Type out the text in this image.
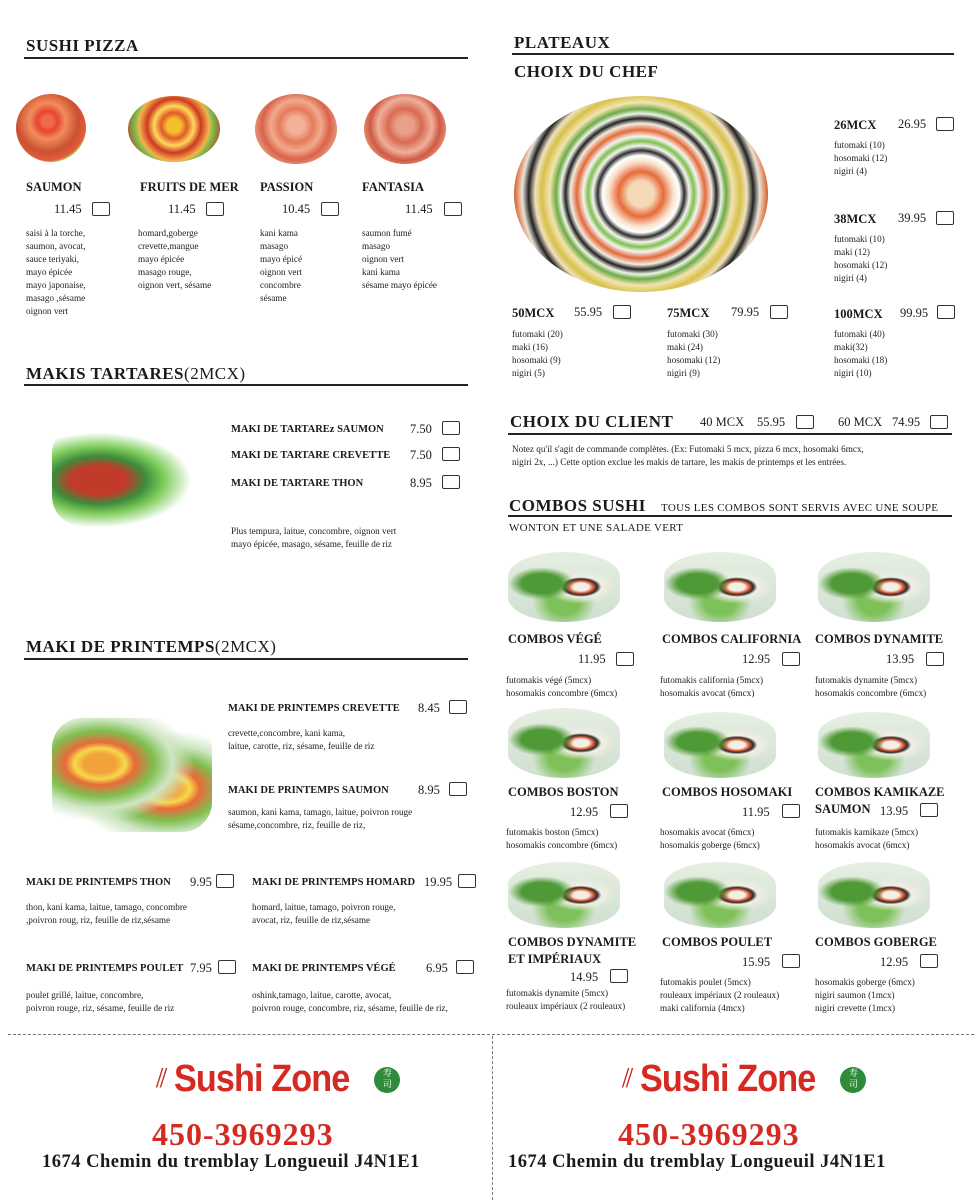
SUSHI PIZZA
SAUMON
11.45
saisi à la torche,
saumon, avocat,
sauce teriyaki,
mayo épicée
mayo japonaise,
masago ,sésame
oignon vert
FRUITS DE MER
11.45
homard,goberge
crevette,mangue
mayo épicée
masago rouge,
oignon vert, sésame
PASSION
10.45
kani kama
masago
mayo épicé
oignon vert
concombre
sésame
FANTASIA
11.45
saumon fumé
masago
oignon vert
kani kama
sésame mayo épicée
MAKIS TARTARES(2MCX)
MAKI DE TARTAREz SAUMON 7.50
MAKI DE TARTARE CREVETTE 7.50
MAKI DE TARTARE THON	8.95
Plus tempura, laitue, concombre, oignon vert
mayo épicée, masago, sésame, feuille de riz
MAKI DE PRINTEMPS(2MCX)
MAKI DE PRINTEMPS CREVETTE 8.45
crevette,concombre, kani kama,
laitue, carotte, riz, sésame, feuille de riz
MAKI DE PRINTEMPS SAUMON 8.95
saumon, kani kama, tamago, laitue, poivron rouge
sésame,concombre, riz, feuille de riz,
MAKI DE PRINTEMPS THON 9.95
thon, kani kama, laitue, tamago, concombre
,poivron roug, riz, feuille de riz,sésame
MAKI DE PRINTEMPS HOMARD 19.95
homard, laitue, tamago, poivron rouge,
avocat, riz, feuille de riz,sésame
MAKI DE PRINTEMPS POULET 7.95
poulet grillé, laitue, concombre,
poivron rouge, riz, sésame, feuille de riz
MAKI DE PRINTEMPS VÉGÉ 6.95
oshink,tamago, laitue, carotte, avocat,
poivron rouge, concombre, riz, sésame, feuille de riz,
PLATEAUX
CHOIX DU CHEF
26MCX 26.95
futomaki (10)
hosomaki (12)
nigiri (4)
38MCX 39.95
futomaki (10)
maki (12)
hosomaki (12)
nigiri (4)
50MCX 55.95
futomaki (20)
maki (16)
hosomaki (9)
nigiri (5)
75MCX 79.95
futomaki (30)
maki (24)
hosomaki (12)
nigiri (9)
100MCX 99.95
futomaki (40)
maki(32)
hosomaki (18)
nigiri (10)
CHOIX DU CLIENT 40 MCX 55.95	60 MCX 74.95
Notez qu'il s'agit de commande complètes. (Ex: Futomaki 5 mcx, pizza 6 mcx, hosomaki 6mcx,
nigiri 2x, ...) Cette option exclue les makis de tartare, les makis de printemps et les entrées.
COMBOS SUSHI TOUS LES COMBOS SONT SERVIS AVEC UNE SOUPE
WONTON ET UNE SALADE VERT
COMBOS VÉGÉ
11.95
futomakis végé (5mcx)
hosomakis concombre (6mcx)
COMBOS CALIFORNIA
12.95
futomakis california (5mcx)
hosomakis avocat (6mcx)
COMBOS DYNAMITE
13.95
futomakis dynamite (5mcx)
hosomakis concombre (6mcx)
COMBOS BOSTON
12.95
futomakis boston (5mcx)
hosomakis concombre (6mcx)
COMBOS HOSOMAKI
11.95
hosomakis avocat (6mcx)
hosomakis goberge (6mcx)
COMBOS KAMIKAZE
SAUMON 13.95
futomakis kamikaze (5mcx)
hosomakis avocat (6mcx)
COMBOS DYNAMITE
ET IMPÉRIAUX
14.95
futomakis dynamite (5mcx)
rouleaux impériaux (2 rouleaux)
COMBOS POULET
15.95
futomakis poulet (5mcx)
rouleaux impériaux (2 rouleaux)
maki california (4mcx)
COMBOS GOBERGE
12.95
hosomakis goberge (6mcx)
nigiri saumon (1mcx)
nigiri crevette (1mcx)
⫽ Sushi Zone	寿
司
450-3969293
1674 Chemin du tremblay Longueuil J4N1E1
⫽ Sushi Zone	寿
司
450-3969293
1674 Chemin du tremblay Longueuil J4N1E1
